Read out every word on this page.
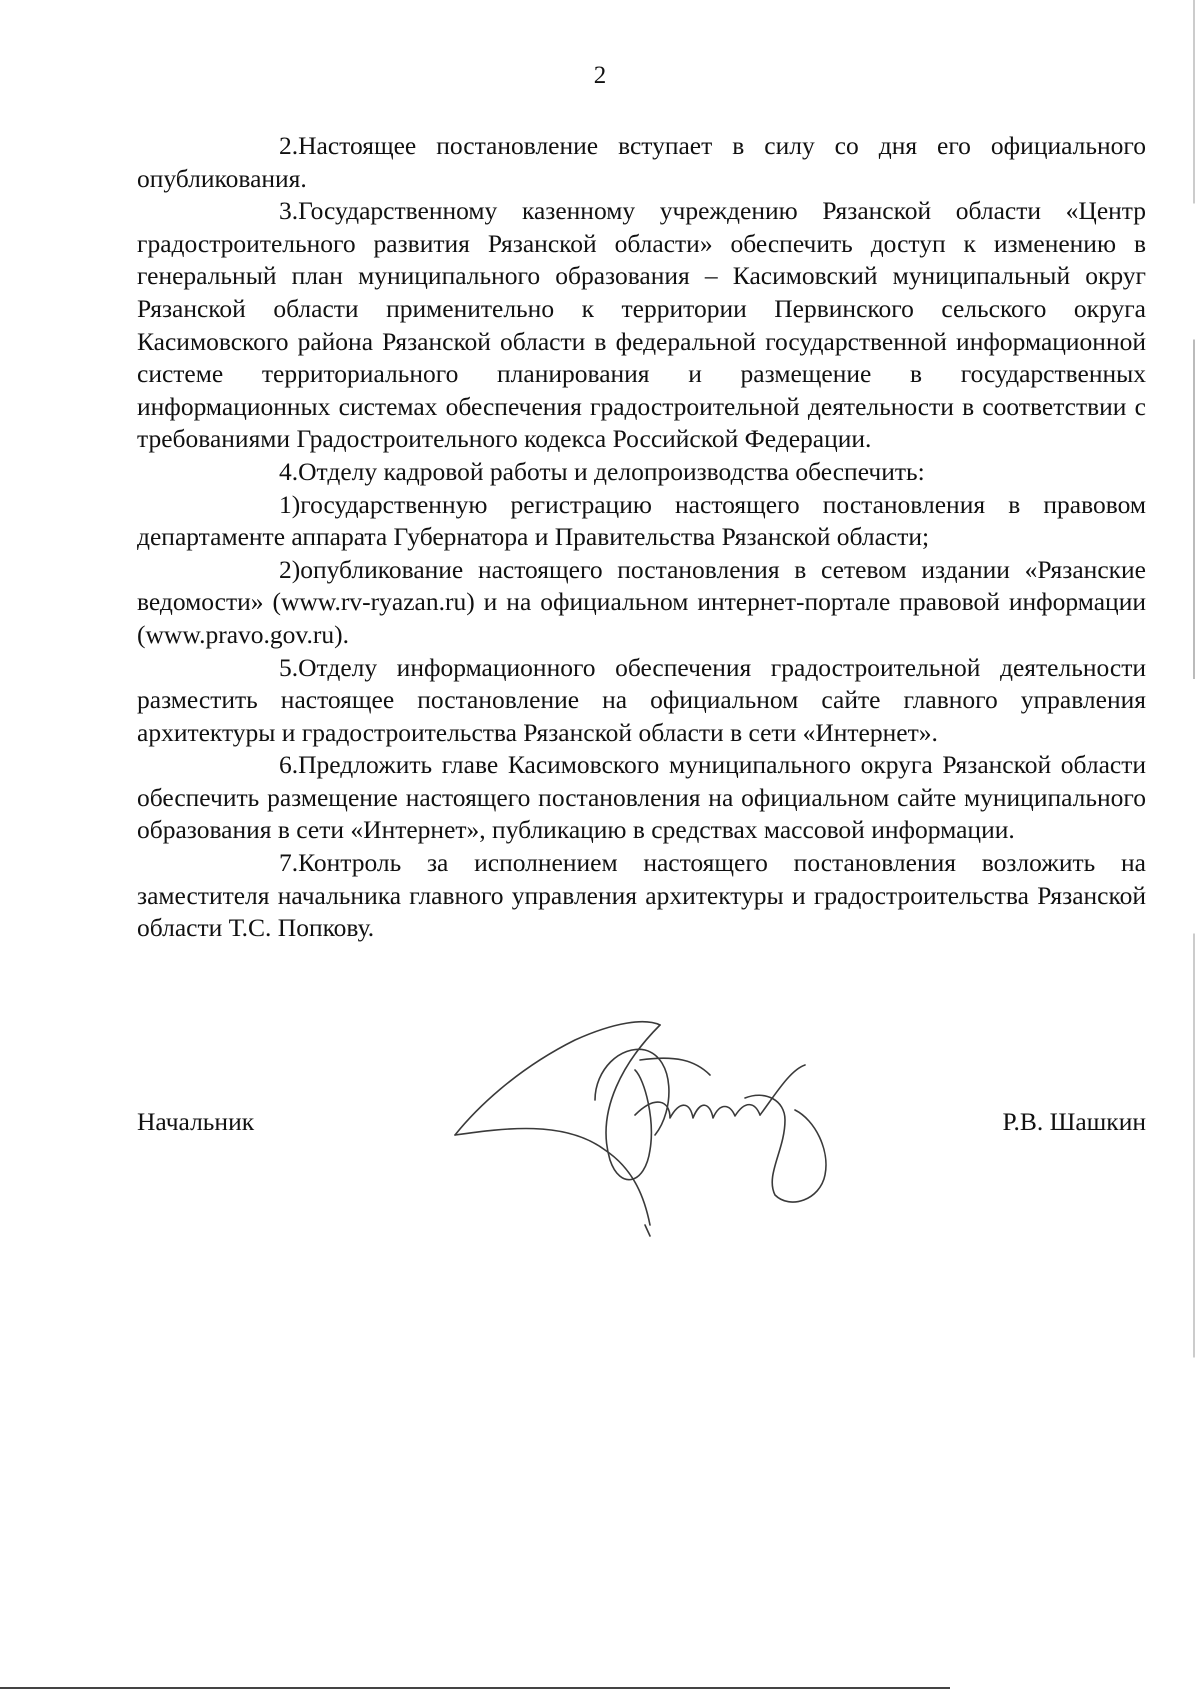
2

2.Настоящее постановление вступает в силу со дня его официального опубликования.

3.Государственному казенному учреждению Рязанской области «Центр градостроительного развития Рязанской области» обеспечить доступ к изменению в генеральный план муниципального образования – Касимовский муниципальный округ Рязанской области применительно к территории Первинского сельского округа Касимовского района Рязанской области в федеральной государственной информационной системе территориального планирования и размещение в государственных информационных системах обеспечения градостроительной деятельности в соответствии с требованиями Градостроительного кодекса Российской Федерации.

4.Отделу кадровой работы и делопроизводства обеспечить:

1)государственную регистрацию настоящего постановления в правовом департаменте аппарата Губернатора и Правительства Рязанской области;

2)опубликование настоящего постановления в сетевом издании «Рязанские ведомости» (www.rv-ryazan.ru) и на официальном интернет-портале правовой информации (www.pravo.gov.ru).

5.Отделу информационного обеспечения градостроительной деятельности разместить настоящее постановление на официальном сайте главного управления архитектуры и градостроительства Рязанской области в сети «Интернет».

6.Предложить главе Касимовского муниципального округа Рязанской области обеспечить размещение настоящего постановления на официальном сайте муниципального образования в сети «Интернет», публикацию в средствах массовой информации.

7.Контроль за исполнением настоящего постановления возложить на заместителя начальника главного управления архитектуры и градостроительства Рязанской области Т.С. Попкову.

Начальник	Р.В. Шашкин
